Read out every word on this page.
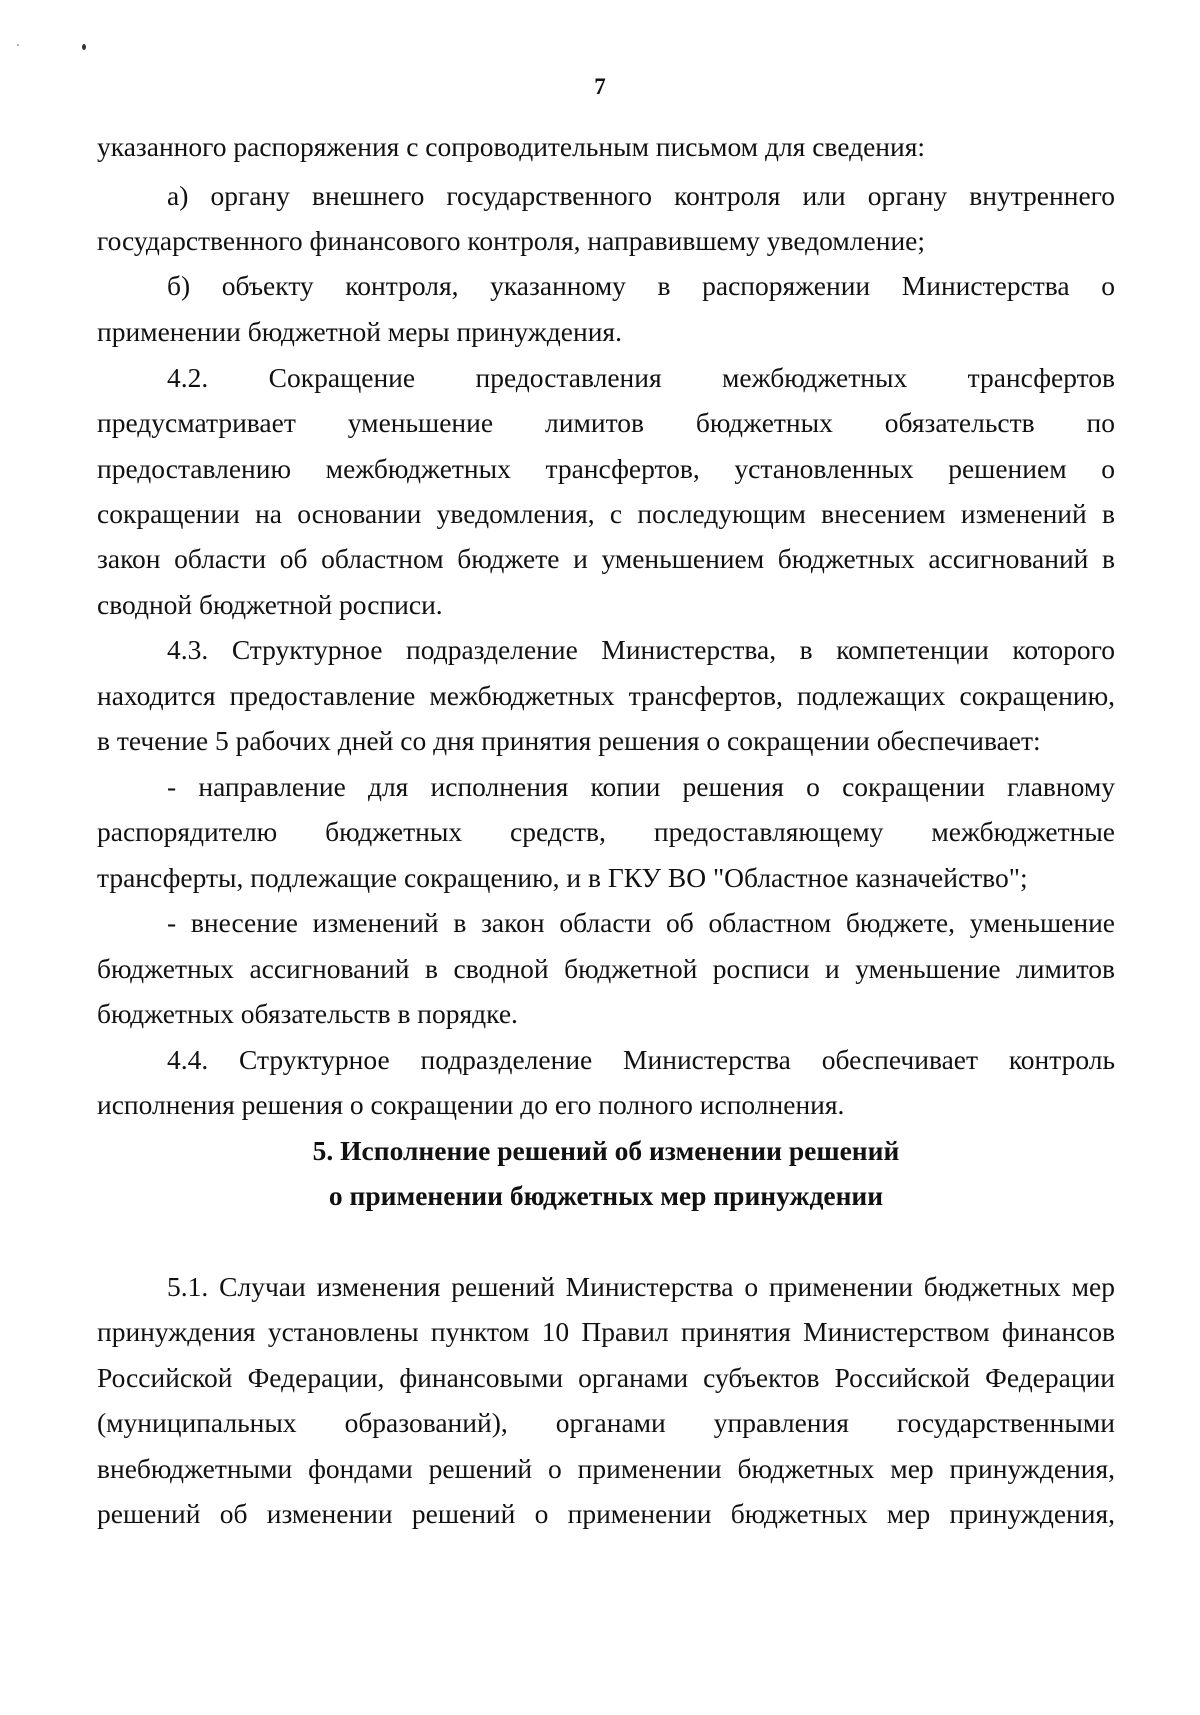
7
указанного распоряжения с сопроводительным письмом для сведения:
а) органу внешнего государственного контроля или органу внутреннего
государственного финансового контроля, направившему уведомление;
б) объекту контроля, указанному в распоряжении Министерства о
применении бюджетной меры принуждения.
4.2. Сокращение предоставления межбюджетных трансфертов
предусматривает уменьшение лимитов бюджетных обязательств по
предоставлению межбюджетных трансфертов, установленных решением о
сокращении на основании уведомления, с последующим внесением изменений в
закон области об областном бюджете и уменьшением бюджетных ассигнований в
сводной бюджетной росписи.
4.3. Структурное подразделение Министерства, в компетенции которого
находится предоставление межбюджетных трансфертов, подлежащих сокращению,
в течение 5 рабочих дней со дня принятия решения о сокращении обеспечивает:
- направление для исполнения копии решения о сокращении главному
распорядителю бюджетных средств, предоставляющему межбюджетные
трансферты, подлежащие сокращению, и в ГКУ ВО "Областное казначейство";
- внесение изменений в закон области об областном бюджете, уменьшение
бюджетных ассигнований в сводной бюджетной росписи и уменьшение лимитов
бюджетных обязательств в порядке.
4.4. Структурное подразделение Министерства обеспечивает контроль
исполнения решения о сокращении до его полного исполнения.
5. Исполнение решений об изменении решений
о применении бюджетных мер принуждении
5.1. Случаи изменения решений Министерства о применении бюджетных мер
принуждения установлены пунктом 10 Правил принятия Министерством финансов
Российской Федерации, финансовыми органами субъектов Российской Федерации
(муниципальных образований), органами управления государственными
внебюджетными фондами решений о применении бюджетных мер принуждения,
решений об изменении решений о применении бюджетных мер принуждения,
